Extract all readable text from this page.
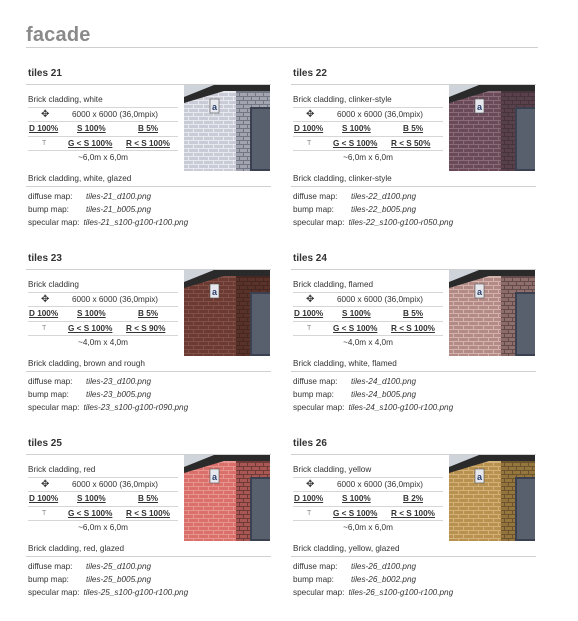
facade
tiles 21
Brick cladding, white
✥	6000 x 6000 (36,0mpix)
D 100% S 100%	B 5%
T	G < S 100% R < S 100%
~6,0m x 6,0m
a
Brick cladding, white, glazed
diffuse map: tiles-21_d100.png
bump map: tiles-21_b005.png
specular map: tiles-21_s100-g100-r100.png
tiles 22
Brick cladding, clinker-style
✥	6000 x 6000 (36,0mpix)
D 100% S 100%	B 5%
T	G < S 100% R < S 50%
~6,0m x 6,0m
a
Brick cladding, clinker-style
diffuse map: tiles-22_d100.png
bump map: tiles-22_b005.png
specular map: tiles-22_s100-g100-r050.png
tiles 23
Brick cladding
✥	6000 x 6000 (36,0mpix)
D 100% S 100%	B 5%
T	G < S 100% R < S 90%
~4,0m x 4,0m
a
Brick cladding, brown and rough
diffuse map: tiles-23_d100.png
bump map: tiles-23_b005.png
specular map: tiles-23_s100-g100-r090.png
tiles 24
Brick cladding, flamed
✥	6000 x 6000 (36,0mpix)
D 100% S 100%	B 5%
T	G < S 100% R < S 100%
~4,0m x 4,0m
a
Brick cladding, white, flamed
diffuse map: tiles-24_d100.png
bump map: tiles-24_b005.png
specular map: tiles-24_s100-g100-r100.png
tiles 25
Brick cladding, red
✥	6000 x 6000 (36,0mpix)
D 100% S 100%	B 5%
T	G < S 100% R < S 100%
~6,0m x 6,0m
a
Brick cladding, red, glazed
diffuse map: tiles-25_d100.png
bump map: tiles-25_b005.png
specular map: tiles-25_s100-g100-r100.png
tiles 26
Brick cladding, yellow
✥	6000 x 6000 (36,0mpix)
D 100% S 100%	B 2%
T	G < S 100% R < S 100%
~6,0m x 6,0m
a
Brick cladding, yellow, glazed
diffuse map: tiles-26_d100.png
bump map: tiles-26_b002.png
specular map: tiles-26_s100-g100-r100.png
